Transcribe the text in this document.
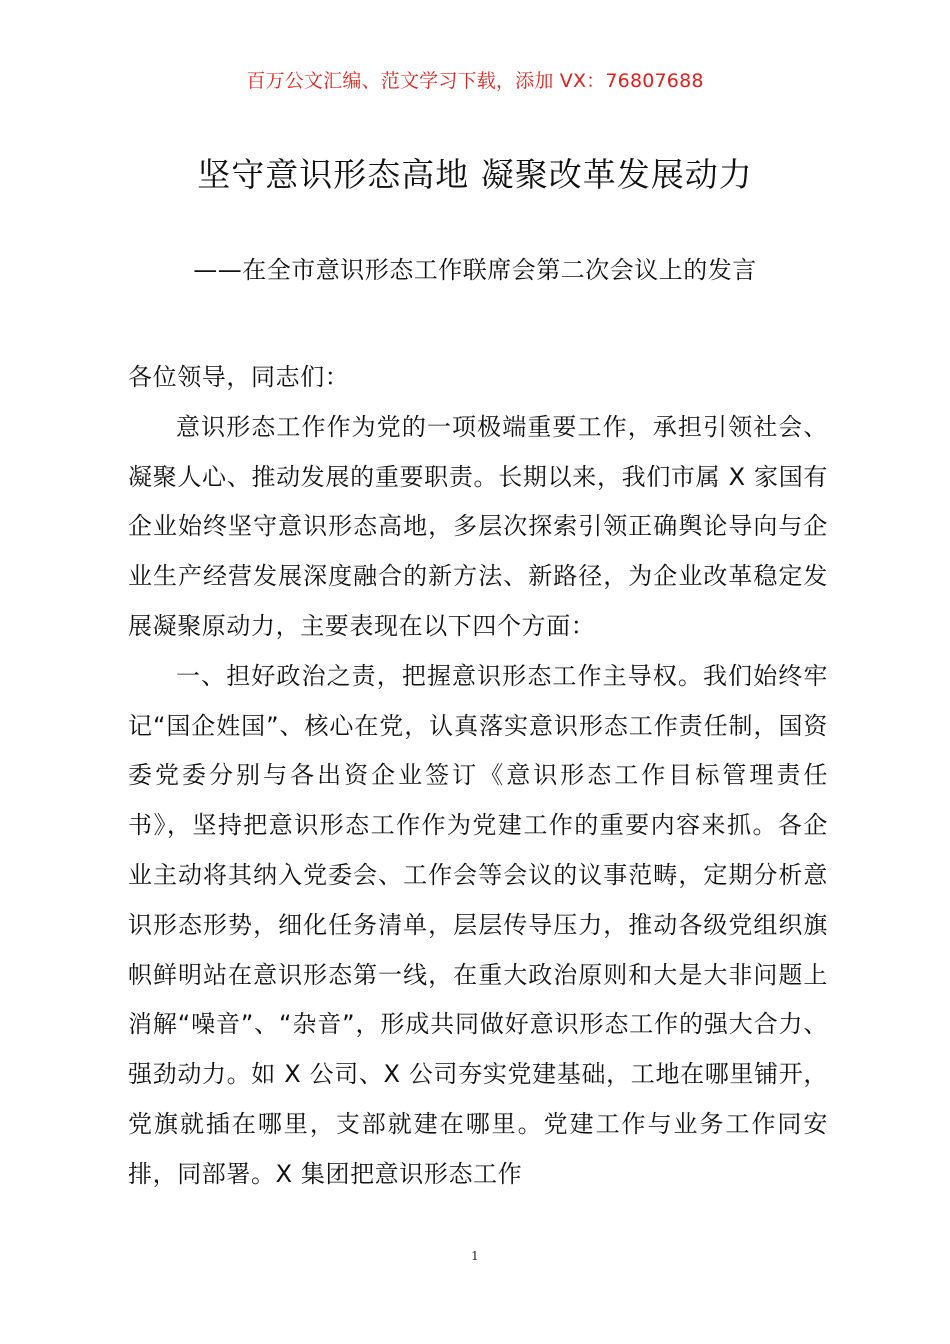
百万公文汇编、范文学习下载，添加 VX：76807688
坚守意识形态高地 凝聚改革发展动力
——在全市意识形态工作联席会第二次会议上的发言

各位领导，同志们：

意识形态工作作为党的一项极端重要工作，承担引领社会、凝聚人心、推动发展的重要职责。长期以来，我们市属 X 家国有企业始终坚守意识形态高地，多层次探索引领正确舆论导向与企业生产经营发展深度融合的新方法、新路径，为企业改革稳定发展凝聚原动力，主要表现在以下四个方面：

一、担好政治之责，把握意识形态工作主导权。我们始终牢记“国企姓国”、核心在党，认真落实意识形态工作责任制，国资委党委分别与各出资企业签订《意识形态工作目标管理责任书》，坚持把意识形态工作作为党建工作的重要内容来抓。各企业主动将其纳入党委会、工作会等会议的议事范畴，定期分析意识形态形势，细化任务清单，层层传导压力，推动各级党组织旗帜鲜明站在意识形态第一线，在重大政治原则和大是大非问题上消解“噪音”、“杂音”，形成共同做好意识形态工作的强大合力、强劲动力。如 X 公司、X 公司夯实党建基础，工地在哪里铺开，党旗就插在哪里，支部就建在哪里。党建工作与业务工作同安排，同部署。X 集团把意识形态工作

1
